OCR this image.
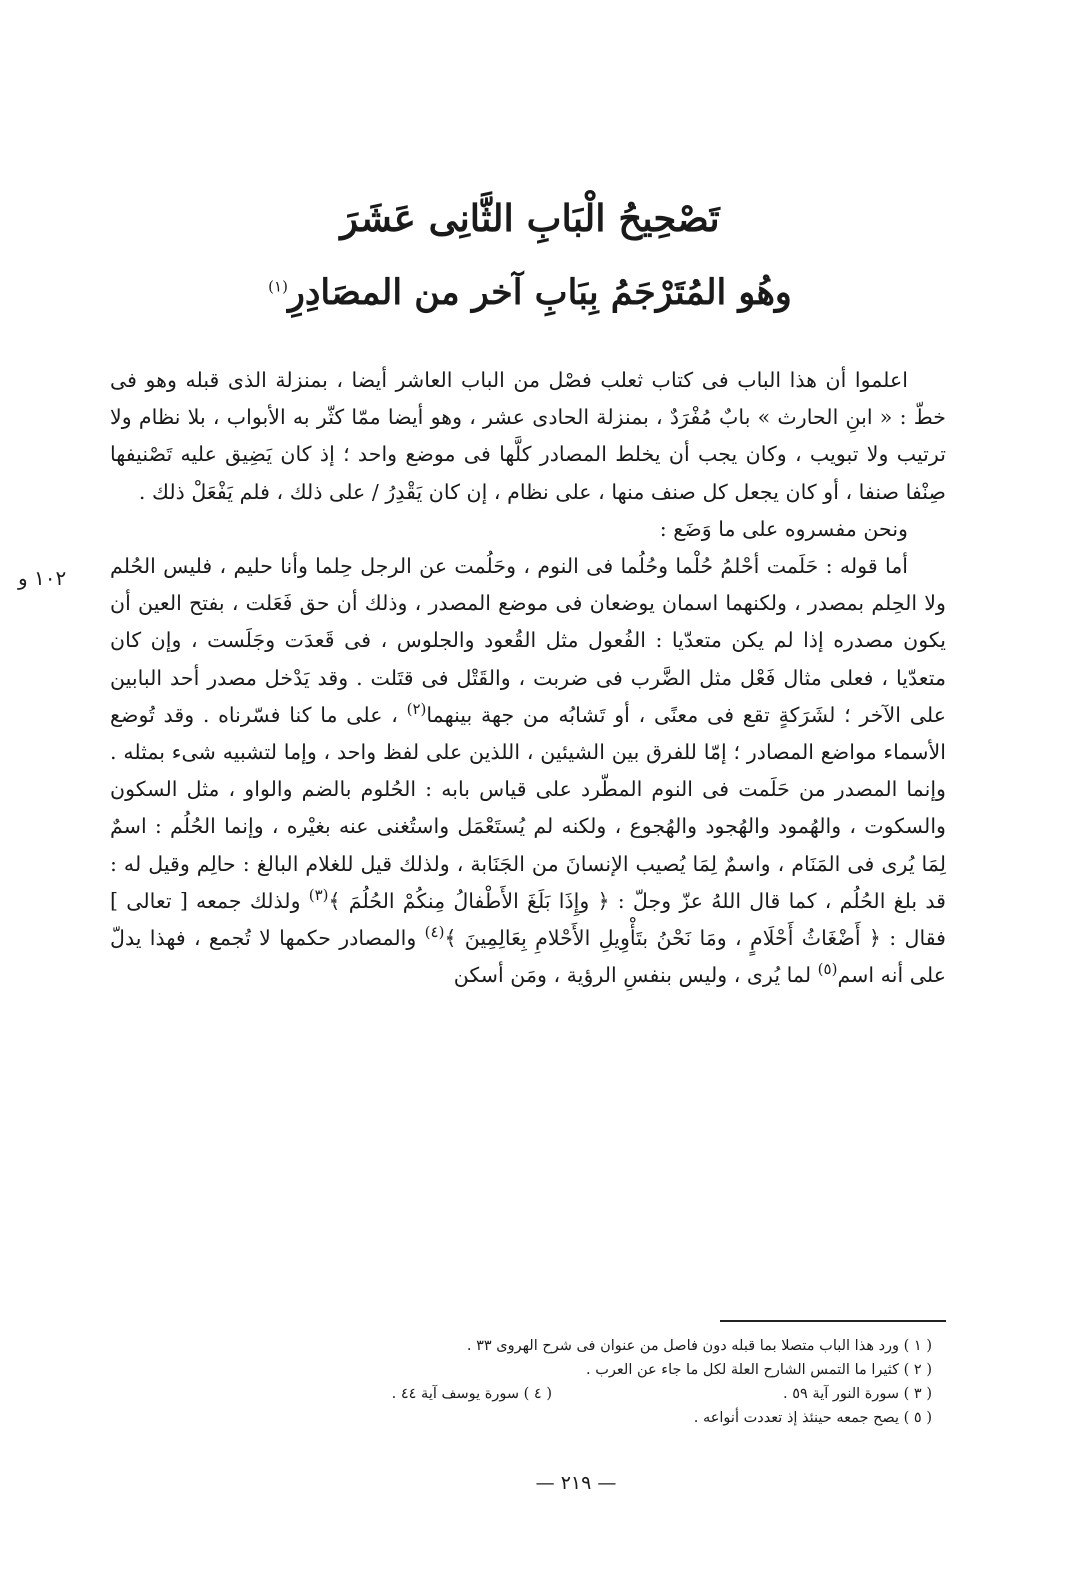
تَصْحِيحُ الْبَابِ الثَّانِى عَشَرَ
وهُو المُتَرْجَمُ بِبَابِ آخر من المصَادِرِ$^{(١)}$
١٠٢ و

اعلموا أن هذا الباب فى كتاب ثعلب فصْل من الباب العاشر أيضا ، بمنزلة الذى قبله وهو فى خطّ : « ابنِ الحارث » بابٌ مُفْرَدٌ ، بمنزلة الحادى عشر ، وهو أيضا ممّا كثّر به الأبواب ، بلا نظام ولا ترتيب ولا تبويب ، وكان يجب أن يخلط المصادر كلَّها فى موضع واحد ؛ إذ كان يَضِيق عليه تَصْنيفها صِنْفا صنفا ، أو كان يجعل كل صنف منها ، على نظام ، إن كان يَقْدِرُ / على ذلك ، فلم يَفْعَلْ ذلك .

ونحن مفسروه على ما وَضَع :

أما قوله : حَلَمت أحْلمُ حُلْما وحُلُما فى النوم ، وحَلُمت عن الرجل حِلما وأنا حليم ، فليس الحُلم ولا الحِلم بمصدر ، ولكنهما اسمان يوضعان فى موضع المصدر ، وذلك أن حق فَعَلت ، بفتح العين أن يكون مصدره إذا لم يكن متعدّيا : الفُعول مثل القُعود والجلوس ، فى قَعدَت وجَلَست ، وإن كان متعدّيا ، فعلى مثال فَعْل مثل الضَّرب فى ضربت ، والقَتْل فى قتَلت . وقد يَدْخل مصدر أحد البابين على الآخر ؛ لشَرَكةٍ تقع فى معنًى ، أو تَشابُه من جهة بينهما$^{(٢)}$ ، على ما كنا فسّرناه . وقد تُوضع الأسماء مواضع المصادر ؛ إمّا للفرق بين الشيئين ، اللذين على لفظ واحد ، وإما لتشبيه شىء بمثله . وإنما المصدر من حَلَمت فى النوم المطّرد على قياس بابه : الحُلوم بالضم والواو ، مثل السكون والسكوت ، والهُمود والهُجود والهُجوع ، ولكنه لم يُستَعْمَل واستُغنى عنه بغيْره ، وإنما الحُلُم : اسمٌ لِمَا يُرى فى المَنَام ، واسمٌ لِمَا يُصيب الإنسانَ من الجَنَابة ، ولذلك قيل للغلام البالغ : حالِم وقيل له : قد بلغ الحُلُم ، كما قال اللهُ عزّ وجلّ : ﴿ وإِذَا بَلَغَ الأَطْفالُ مِنكُمْ الحُلُمَ ﴾$^{(٣)}$ ولذلك جمعه [ تعالى ] فقال : ﴿ أَضْغَاثُ أَحْلَامٍ ، ومَا نَحْنُ بتَأْوِيلِ الأَحْلامِ بِعَالِمِينَ ﴾$^{(٤)}$ والمصادر حكمها لا تُجمع ، فهذا يدلّ على أنه اسم$^{(٥)}$ لما يُرى ، وليس بنفسِ الرؤية ، ومَن أسكن

( ١ ) ورد هذا الباب متصلا بما قبله دون فاصل من عنوان فى شرح الهروى ٣٣ .
( ٢ ) كثيرا ما التمس الشارح العلة لكل ما جاء عن العرب .
( ٣ ) سورة النور آية ٥٩ .
( ٤ ) سورة يوسف آية ٤٤ .
( ٥ ) يصح جمعه حينئذ إذ تعددت أنواعه .
— ٢١٩ —
